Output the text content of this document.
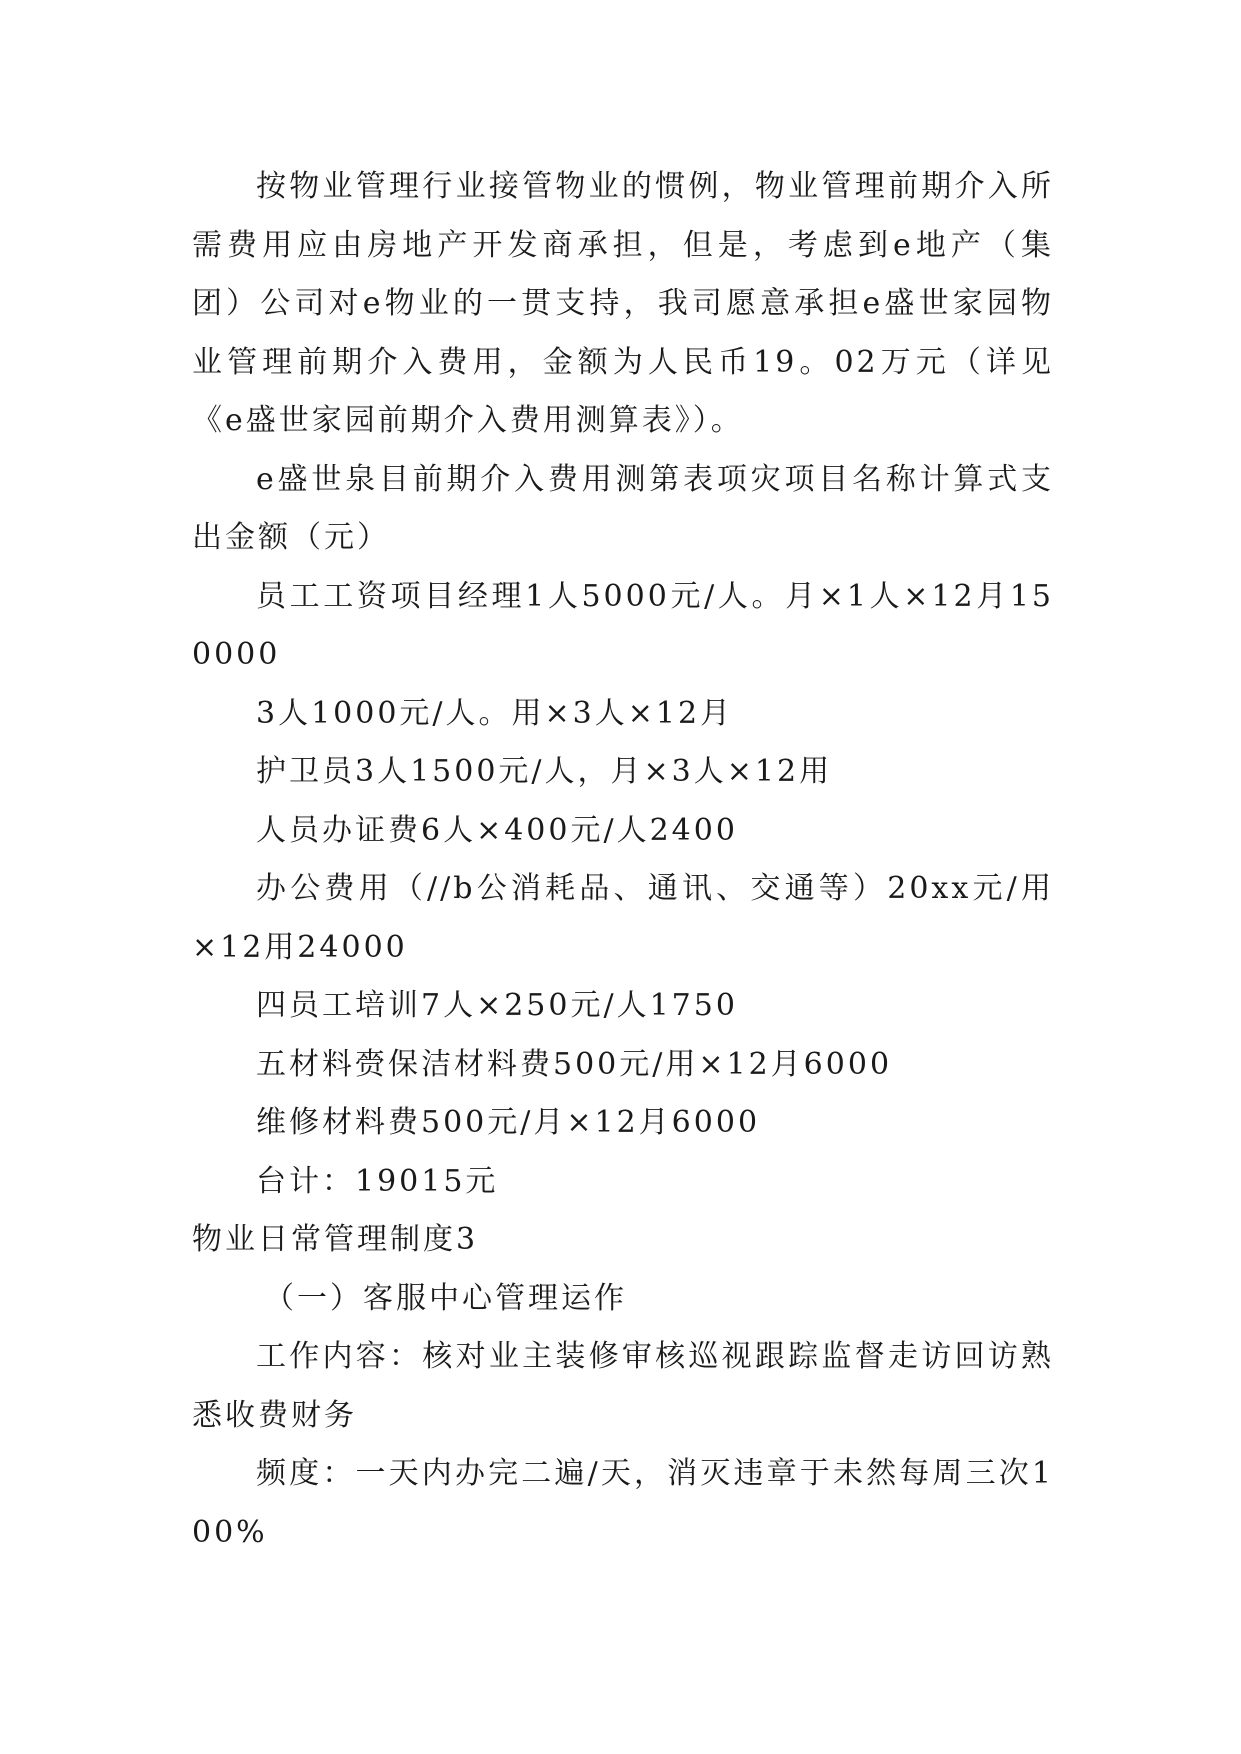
按物业管理行业接管物业的惯例，物业管理前期介入所需费用应由房地产开发商承担，但是，考虑到e地产（集团）公司对e物业的一贯支持，我司愿意承担e盛世家园物业管理前期介入费用，金额为人民币19。02万元（详见《e盛世家园前期介入费用测算表》）。

e盛世泉目前期介入费用测第表项灾项目名称计算式支出金额（元）

员工工资项目经理1人5000元/人。月×1人×12月150000

3人1000元/人。用×3人×12月

护卫员3人1500元/人，月×3人×12用

人员办证费6人×400元/人2400

办公费用（//b公消耗品、通讯、交通等）20xx元/用×12用24000

四员工培训7人×250元/人1750

五材料赍保洁材料费500元/用×12月6000

维修材料费500元/月×12月6000

台计：19015元

物业日常管理制度3

（一）客服中心管理运作

工作内容：核对业主装修审核巡视跟踪监督走访回访熟悉收费财务

频度：一天内办完二遍/天，消灭违章于未然每周三次100%
